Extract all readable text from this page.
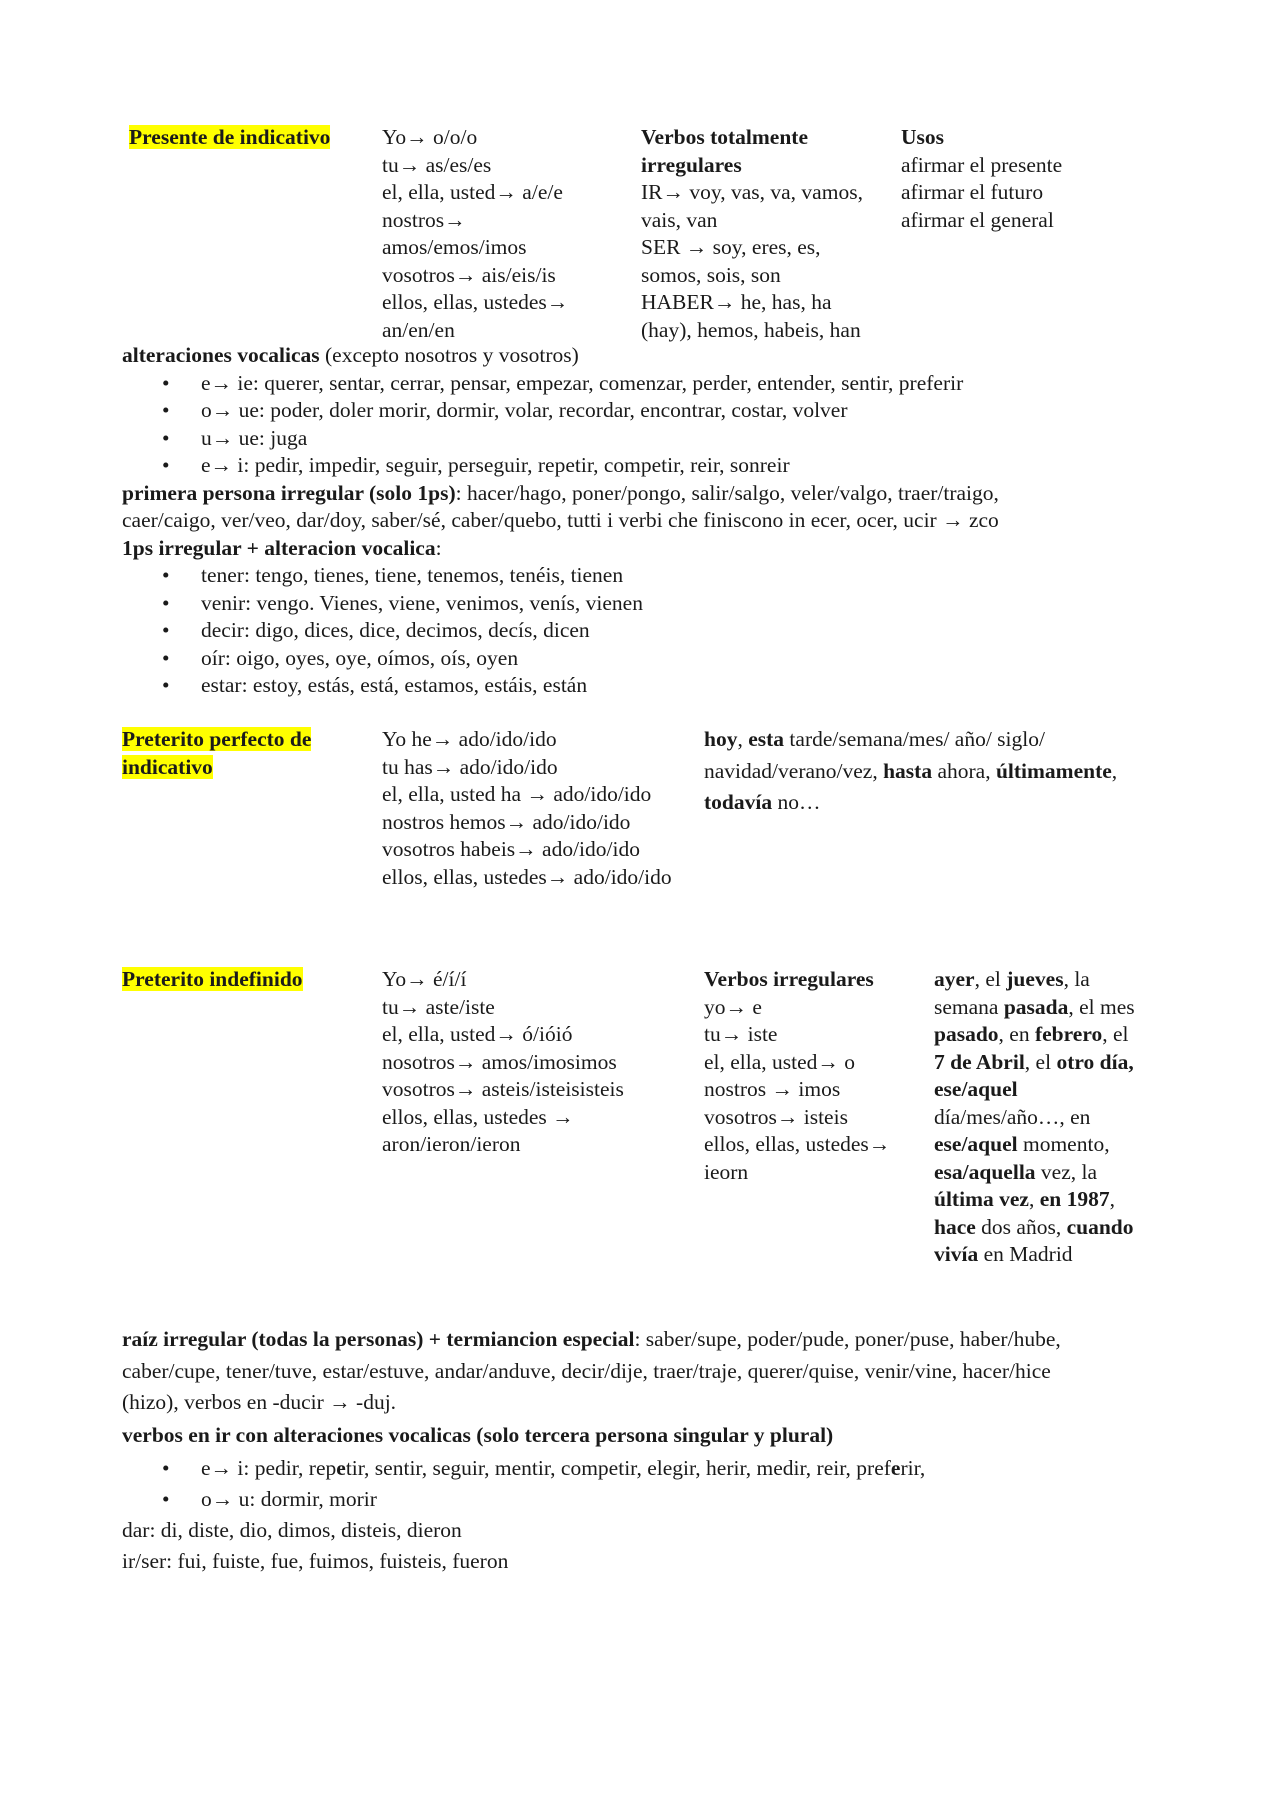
Presente de indicativo Yo→ o/o/o
tu→ as/es/es
el, ella, usted→ a/e/e
nostros→
amos/emos/imos
vosotros→ ais/eis/is
ellos, ellas, ustedes→
an/en/en
Verbos totalmente
irregulares
IR→ voy, vas, va, vamos,
vais, van
SER → soy, eres, es,
somos, sois, son
HABER→ he, has, ha
(hay), hemos, habeis, han
Usos
afirmar el presente
afirmar el futuro
afirmar el general
alteraciones vocalicas (excepto nosotros y vosotros)
• e→ ie: querer, sentar, cerrar, pensar, empezar, comenzar, perder, entender, sentir, preferir
• o→ ue: poder, doler morir, dormir, volar, recordar, encontrar, costar, volver
• u→ ue: juga
• e→ i: pedir, impedir, seguir, perseguir, repetir, competir, reir, sonreir
primera persona irregular (solo 1ps): hacer/hago, poner/pongo, salir/salgo, veler/valgo, traer/traigo,
caer/caigo, ver/veo, dar/doy, saber/sé, caber/quebo, tutti i verbi che finiscono in ecer, ocer, ucir → zco
1ps irregular + alteracion vocalica:
• tener: tengo, tienes, tiene, tenemos, tenéis, tienen
• venir: vengo. Vienes, viene, venimos, venís, vienen
• decir: digo, dices, dice, decimos, decís, dicen
• oír: oigo, oyes, oye, oímos, oís, oyen
• estar: estoy, estás, está, estamos, estáis, están
Preterito perfecto de
indicativo
Yo he→ ado/ido/ido
tu has→ ado/ido/ido
el, ella, usted ha → ado/ido/ido
nostros hemos→ ado/ido/ido
vosotros habeis→ ado/ido/ido
ellos, ellas, ustedes→ ado/ido/ido
hoy, esta tarde/semana/mes/ año/ siglo/
navidad/verano/vez, hasta ahora, últimamente,
todavía no…
Preterito indefinido	Yo→ é/í/í
tu→ aste/iste
el, ella, usted→ ó/ióió
nosotros→ amos/imosimos
vosotros→ asteis/isteisisteis
ellos, ellas, ustedes →
aron/ieron/ieron
Verbos irregulares
yo→ e
tu→ iste
el, ella, usted→ o
nostros → imos
vosotros→ isteis
ellos, ellas, ustedes→
ieorn
ayer, el jueves, la
semana pasada, el mes
pasado, en febrero, el
7 de Abril, el otro día,
ese/aquel
día/mes/año…, en
ese/aquel momento,
esa/aquella vez, la
última vez, en 1987,
hace dos años, cuando
vivía en Madrid
raíz irregular (todas la personas) + termiancion especial: saber/supe, poder/pude, poner/puse, haber/hube,
caber/cupe, tener/tuve, estar/estuve, andar/anduve, decir/dije, traer/traje, querer/quise, venir/vine, hacer/hice
(hizo), verbos en -ducir → -duj.
verbos en ir con alteraciones vocalicas (solo tercera persona singular y plural)
• e→ i: pedir, repetir, sentir, seguir, mentir, competir, elegir, herir, medir, reir, preferir,
• o→ u: dormir, morir
dar: di, diste, dio, dimos, disteis, dieron
ir/ser: fui, fuiste, fue, fuimos, fuisteis, fueron
